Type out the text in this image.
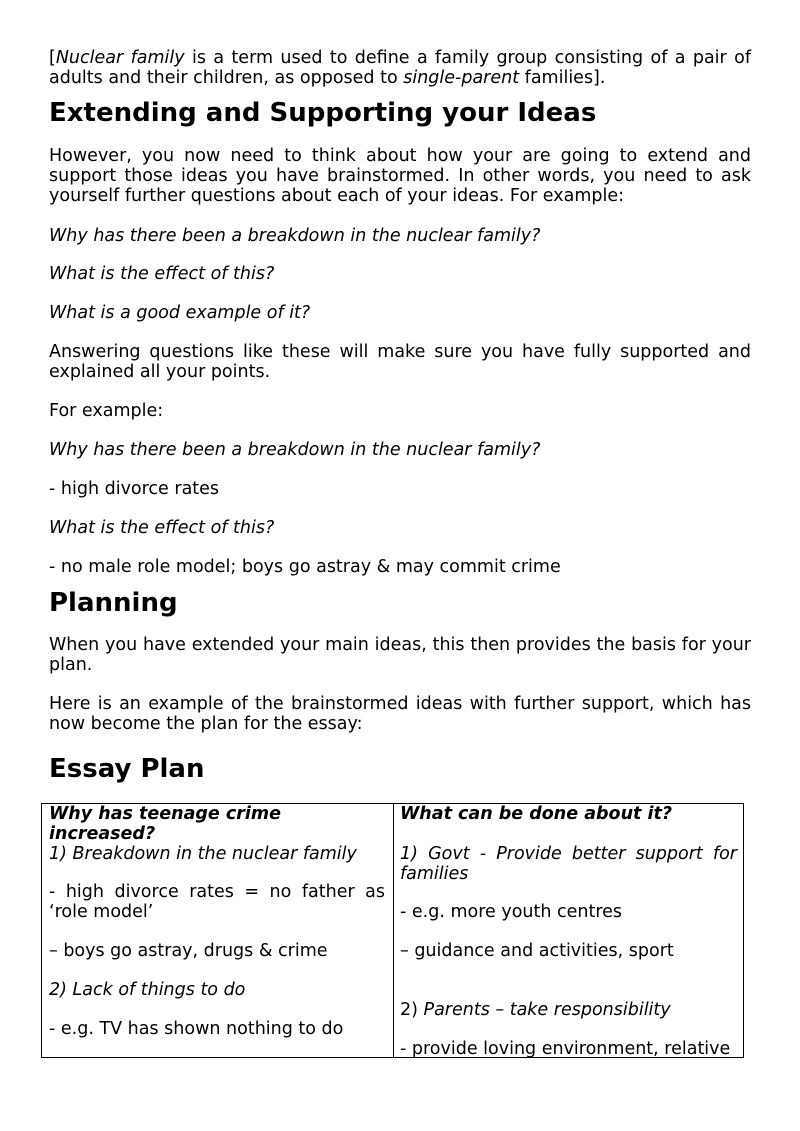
[Nuclear family is a term used to define a family group consisting of a pair of adults and their children, as opposed to single-parent families].

Extending and Supporting your Ideas

However, you now need to think about how your are going to extend and support those ideas you have brainstormed. In other words, you need to ask yourself further questions about each of your ideas. For example:

Why has there been a breakdown in the nuclear family?

What is the effect of this?

What is a good example of it?

Answering questions like these will make sure you have fully supported and explained all your points.

For example:

Why has there been a breakdown in the nuclear family?

- high divorce rates

What is the effect of this?

- no male role model; boys go astray & may commit crime

Planning

When you have extended your main ideas, this then provides the basis for your plan.

Here is an example of the brainstormed ideas with further support, which has now become the plan for the essay:

Essay Plan

Why has teenage crime increased?

1) Breakdown in the nuclear family

- high divorce rates = no father as ‘role model’

– boys go astray, drugs & crime

2) Lack of things to do

- e.g. TV has shown nothing to do

What can be done about it?

1) Govt - Provide better support for families

- e.g. more youth centres

– guidance and activities, sport

2) Parents – take responsibility

- provide loving environment, relative
